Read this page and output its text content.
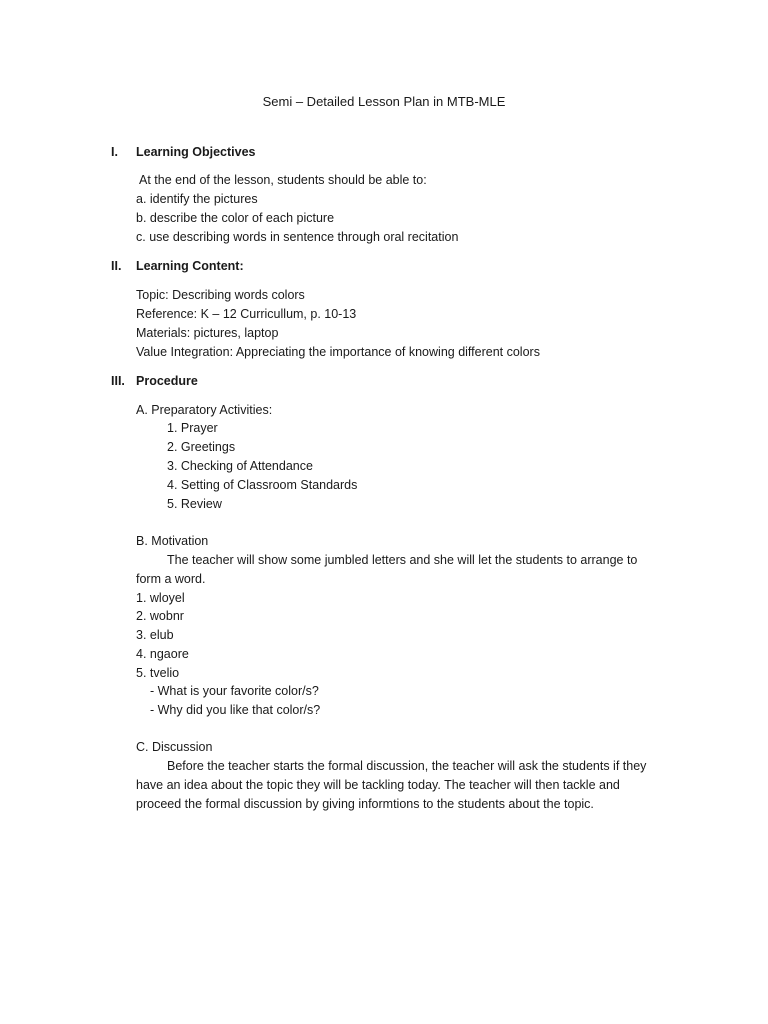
Semi – Detailed Lesson Plan in MTB-MLE
I.	Learning Objectives
At the end of the lesson, students should be able to:
a. identify the pictures
b. describe the color of each picture
c. use describing words in sentence through oral recitation
II.	Learning Content:
Topic: Describing words colors
Reference: K – 12 Curricullum, p. 10-13
Materials: pictures, laptop
Value Integration: Appreciating the importance of knowing different colors
III. Procedure
A. Preparatory Activities:
1. Prayer
2. Greetings
3. Checking of Attendance
4. Setting of Classroom Standards
5. Review
B. Motivation
The teacher will show some jumbled letters and she will let the students to arrange to
form a word.
1. wloyel
2. wobnr
3. elub
4. ngaore
5. tvelio
- What is your favorite color/s?
- Why did you like that color/s?
C. Discussion
Before the teacher starts the formal discussion, the teacher will ask the students if they
have an idea about the topic they will be tackling today. The teacher will then tackle and
proceed the formal discussion by giving informtions to the students about the topic.
